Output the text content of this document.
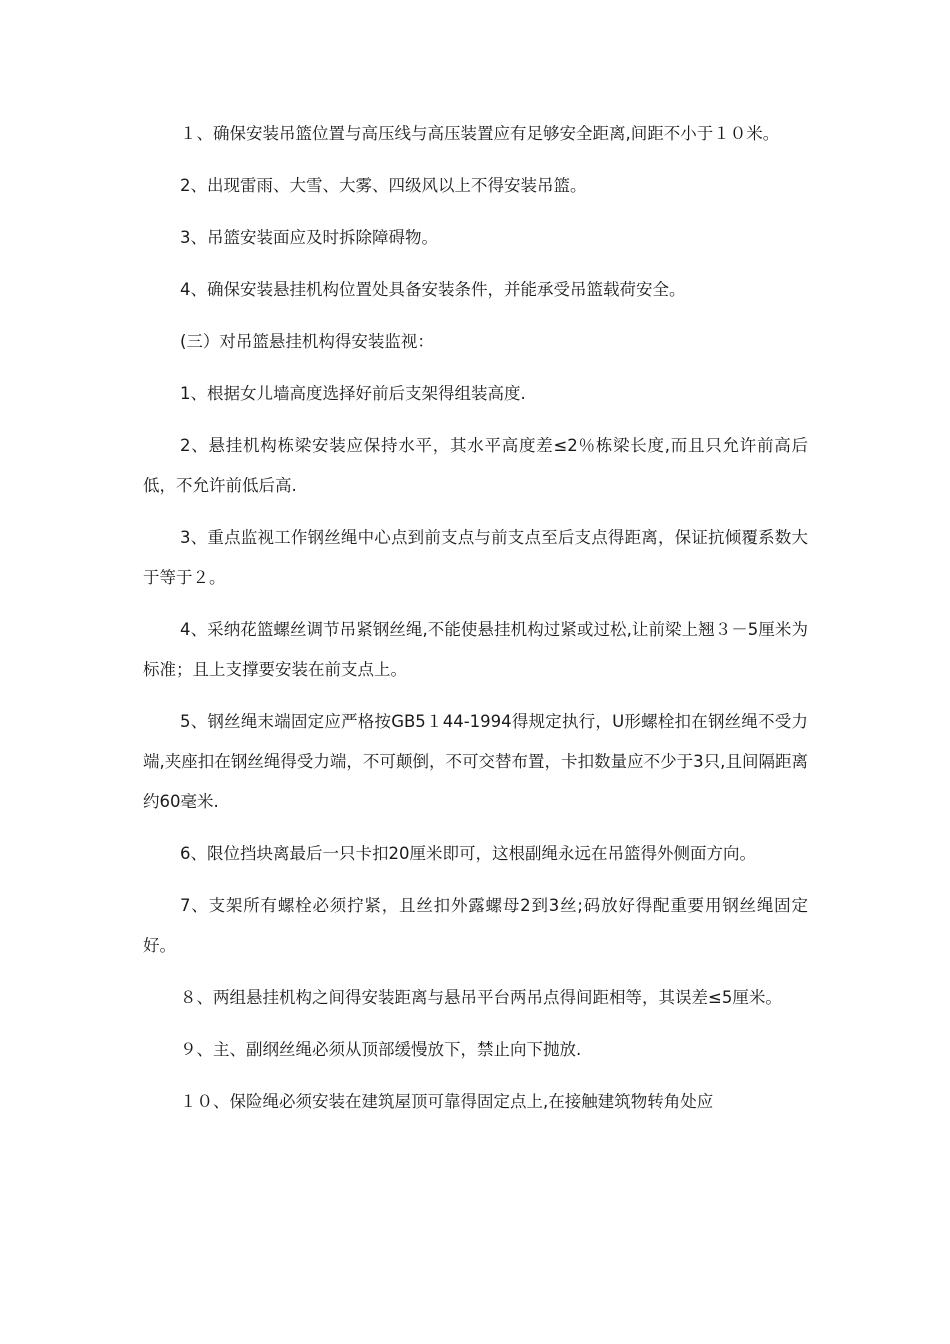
１、确保安装吊篮位置与高压线与高压装置应有足够安全距离,间距不小于１０米。

2、出现雷雨、大雪、大雾、四级风以上不得安装吊篮。

3、吊篮安装面应及时拆除障碍物。

4、确保安装悬挂机构位置处具备安装条件，并能承受吊篮载荷安全。

(三）对吊篮悬挂机构得安装监视：

1、根据女儿墙高度选择好前后支架得组装高度.

2、悬挂机构栋梁安装应保持水平，其水平高度差≤2％栋梁长度,而且只允许前高后低，不允许前低后高.

3、重点监视工作钢丝绳中心点到前支点与前支点至后支点得距离，保证抗倾覆系数大于等于２。

4、采纳花篮螺丝调节吊紧钢丝绳,不能使悬挂机构过紧或过松,让前梁上翘３－5厘米为标准；且上支撑要安装在前支点上。

5、钢丝绳末端固定应严格按GB5１44-1994得规定执行，U形螺栓扣在钢丝绳不受力端,夹座扣在钢丝绳得受力端，不可颠倒，不可交替布置，卡扣数量应不少于3只,且间隔距离约60毫米.

6、限位挡块离最后一只卡扣20厘米即可，这根副绳永远在吊篮得外侧面方向。

7、支架所有螺栓必须拧紧，且丝扣外露螺母2到3丝;码放好得配重要用钢丝绳固定好。

８、两组悬挂机构之间得安装距离与悬吊平台两吊点得间距相等，其误差≤5厘米。

９、主、副纲丝绳必须从顶部缓慢放下，禁止向下抛放.

１０、保险绳必须安装在建筑屋顶可靠得固定点上,在接触建筑物转角处应
